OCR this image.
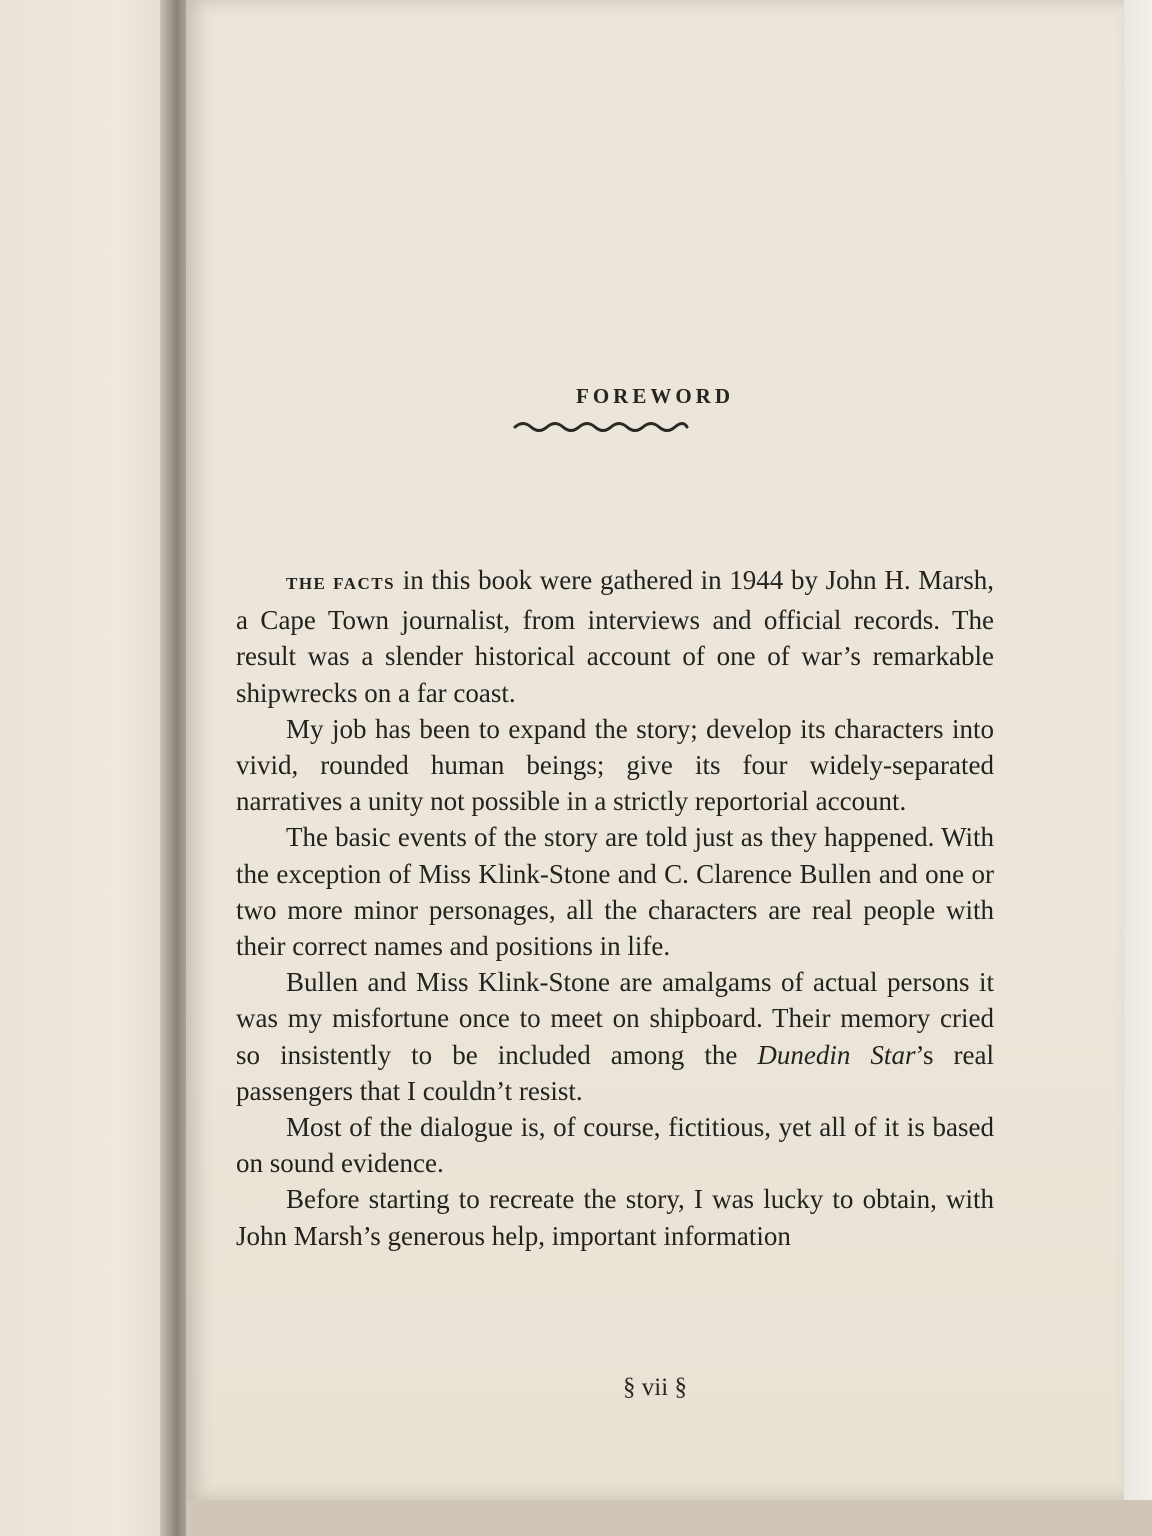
FOREWORD

THE FACTS in this book were gathered in 1944 by John H. Marsh, a Cape Town journalist, from interviews and official records. The result was a slender historical account of one of war’s remarkable shipwrecks on a far coast.

My job has been to expand the story; develop its characters into vivid, rounded human beings; give its four widely-separated narratives a unity not possible in a strictly reportorial account.

The basic events of the story are told just as they happened. With the exception of Miss Klink-Stone and C. Clarence Bullen and one or two more minor personages, all the characters are real people with their correct names and positions in life.

Bullen and Miss Klink-Stone are amalgams of actual persons it was my misfortune once to meet on shipboard. Their memory cried so insistently to be included among the Dunedin Star’s real passengers that I couldn’t resist.

Most of the dialogue is, of course, fictitious, yet all of it is based on sound evidence.

Before starting to recreate the story, I was lucky to obtain, with John Marsh’s generous help, important information

§ vii §
